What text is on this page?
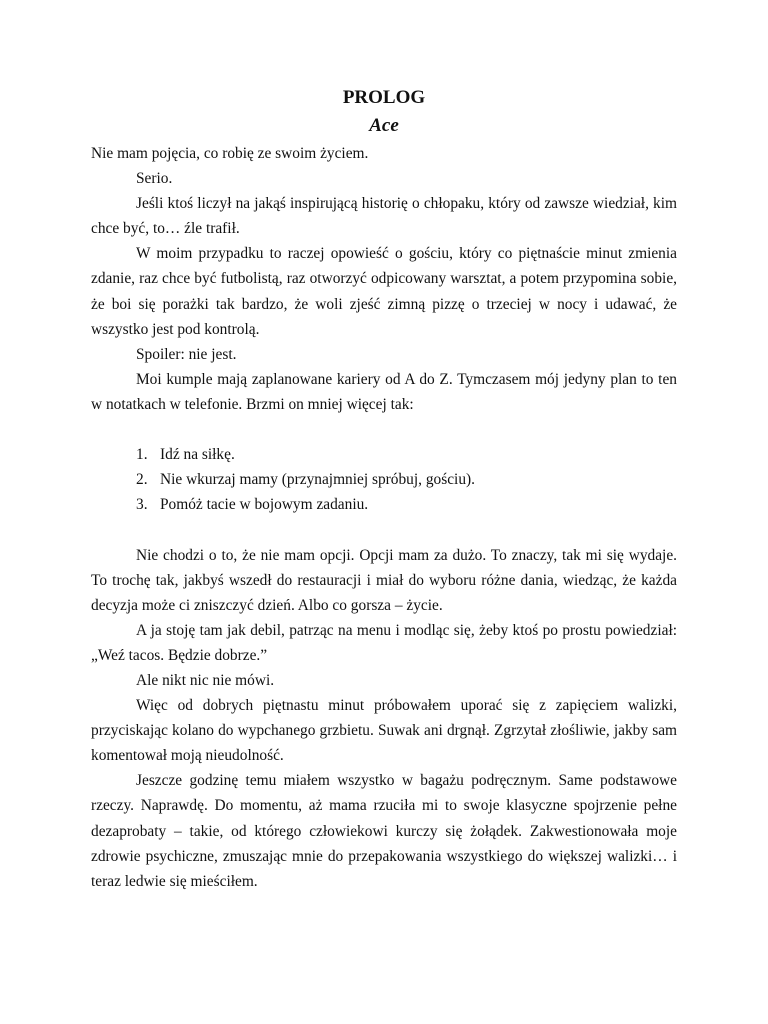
PROLOG
Ace

Nie mam pojęcia, co robię ze swoim życiem.

Serio.

Jeśli ktoś liczył na jakąś inspirującą historię o chłopaku, który od zawsze wiedział, kim chce być, to… źle trafił.

W moim przypadku to raczej opowieść o gościu, który co piętnaście minut zmienia zdanie, raz chce być futbolistą, raz otworzyć odpicowany warsztat, a potem przypomina sobie, że boi się porażki tak bardzo, że woli zjeść zimną pizzę o trzeciej w nocy i udawać, że wszystko jest pod kontrolą.

Spoiler: nie jest.

Moi kumple mają zaplanowane kariery od A do Z. Tymczasem mój jedyny plan to ten w notatkach w telefonie. Brzmi on mniej więcej tak:

1. Idź na siłkę.
2. Nie wkurzaj mamy (przynajmniej spróbuj, gościu).
3. Pomóż tacie w bojowym zadaniu.

Nie chodzi o to, że nie mam opcji. Opcji mam za dużo. To znaczy, tak mi się wydaje. To trochę tak, jakbyś wszedł do restauracji i miał do wyboru różne dania, wiedząc, że każda decyzja może ci zniszczyć dzień. Albo co gorsza – życie.

A ja stoję tam jak debil, patrząc na menu i modląc się, żeby ktoś po prostu powiedział: „Weź tacos. Będzie dobrze.”

Ale nikt nic nie mówi.

Więc od dobrych piętnastu minut próbowałem uporać się z zapięciem walizki, przyciskając kolano do wypchanego grzbietu. Suwak ani drgnął. Zgrzytał złośliwie, jakby sam komentował moją nieudolność.

Jeszcze godzinę temu miałem wszystko w bagażu podręcznym. Same podstawowe rzeczy. Naprawdę. Do momentu, aż mama rzuciła mi to swoje klasyczne spojrzenie pełne dezaprobaty – takie, od którego człowiekowi kurczy się żołądek. Zakwestionowała moje zdrowie psychiczne, zmuszając mnie do przepakowania wszystkiego do większej walizki… i teraz ledwie się mieściłem.
